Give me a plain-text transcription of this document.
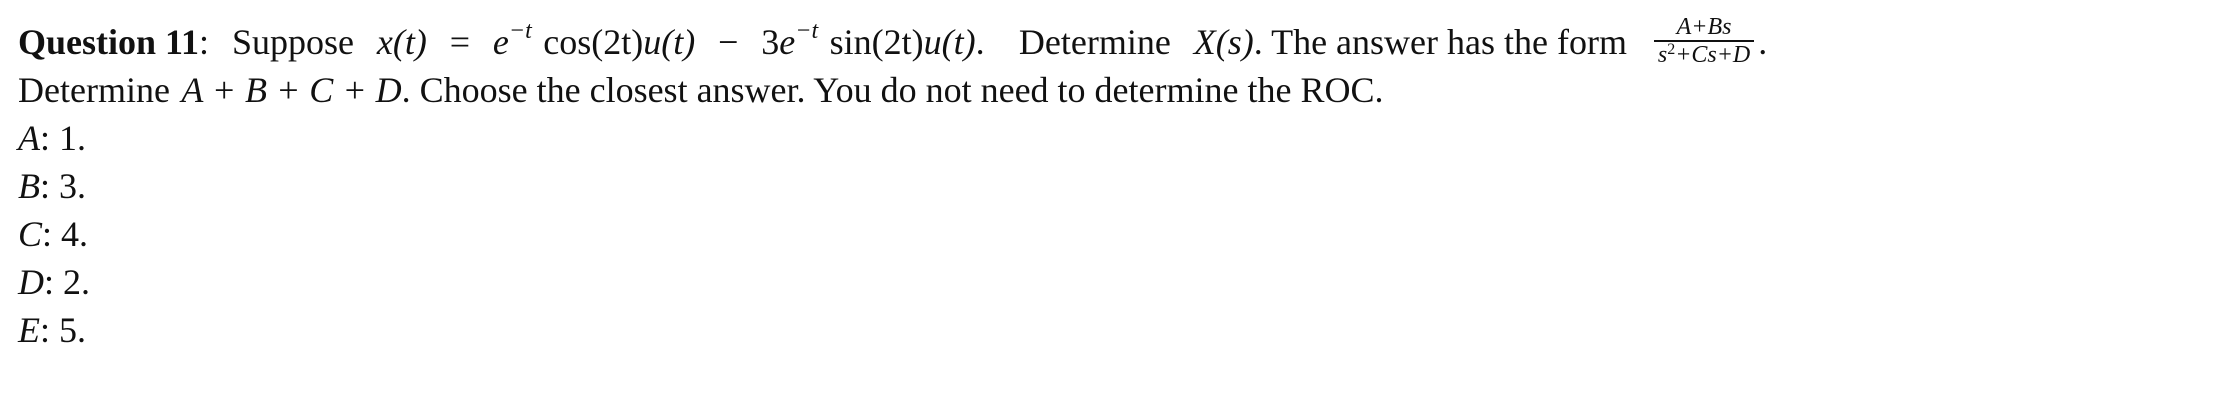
Question 11: Suppose $x(t) = e^{-t}$ $\cos(2t)u(t) - 3e^{-t}$ sin(2t)u(t). Determine X(s). The answer has the form $\frac{A+Bs}{s^2+Cs+D}$ .
Determine A + B + C + D. Choose the closest answer. You do not need to determine the ROC.
A: 1.
B: 3.
C: 4.
D: 2.
E: 5.
